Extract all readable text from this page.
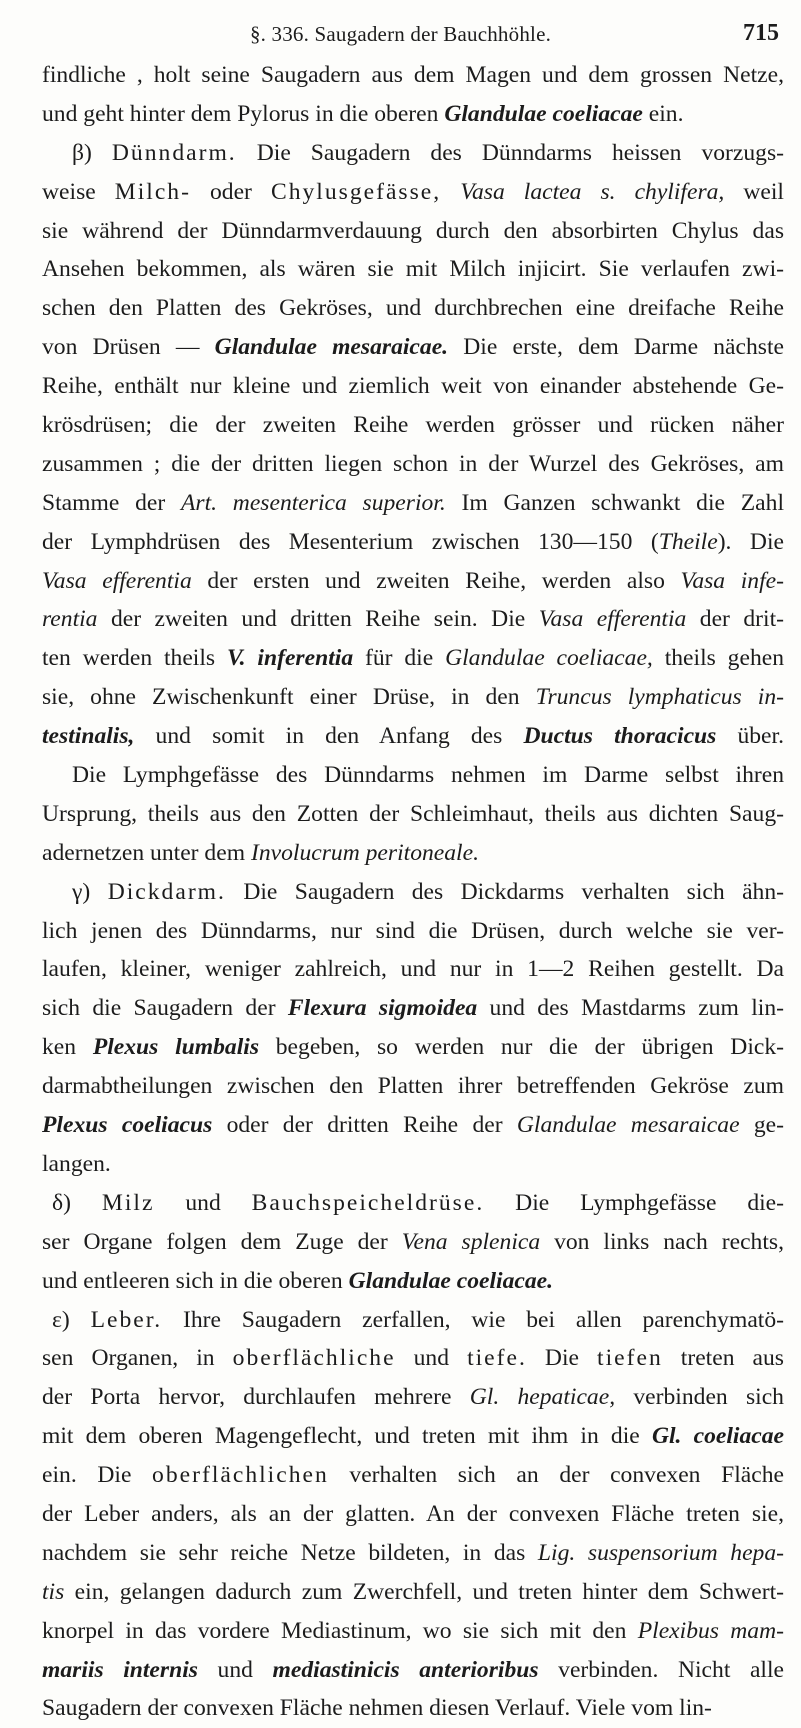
§. 336. Saugadern der Bauchhöhle.	715
findliche , holt seine Saugadern aus dem Magen und dem grossen Netze,
und geht hinter dem Pylorus in die oberen Glandulae coeliacae ein.
β) Dünndarm. Die Saugadern des Dünndarms heissen vorzugs-
weise Milch- oder Chylusgefässe, Vasa lactea s. chylifera, weil
sie während der Dünndarmverdauung durch den absorbirten Chylus das
Ansehen bekommen, als wären sie mit Milch injicirt. Sie verlaufen zwi-
schen den Platten des Gekröses, und durchbrechen eine dreifache Reihe
von Drüsen — Glandulae mesaraicae. Die erste, dem Darme nächste
Reihe, enthält nur kleine und ziemlich weit von einander abstehende Ge-
krösdrüsen; die der zweiten Reihe werden grösser und rücken näher
zusammen ; die der dritten liegen schon in der Wurzel des Gekröses, am
Stamme der Art. mesenterica superior. Im Ganzen schwankt die Zahl
der Lymphdrüsen des Mesenterium zwischen 130—150 (Theile). Die
Vasa efferentia der ersten und zweiten Reihe, werden also Vasa infe-
rentia der zweiten und dritten Reihe sein. Die Vasa efferentia der drit-
ten werden theils V. inferentia für die Glandulae coeliacae, theils gehen
sie, ohne Zwischenkunft einer Drüse, in den Truncus lymphaticus in-
testinalis, und somit in den Anfang des Ductus thoracicus über.
Die Lymphgefässe des Dünndarms nehmen im Darme selbst ihren
Ursprung, theils aus den Zotten der Schleimhaut, theils aus dichten Saug-
adernetzen unter dem Involucrum peritoneale.
γ) Dickdarm. Die Saugadern des Dickdarms verhalten sich ähn-
lich jenen des Dünndarms, nur sind die Drüsen, durch welche sie ver-
laufen, kleiner, weniger zahlreich, und nur in 1—2 Reihen gestellt. Da
sich die Saugadern der Flexura sigmoidea und des Mastdarms zum lin-
ken Plexus lumbalis begeben, so werden nur die der übrigen Dick-
darmabtheilungen zwischen den Platten ihrer betreffenden Gekröse zum
Plexus coeliacus oder der dritten Reihe der Glandulae mesaraicae ge-
langen.
δ) Milz und Bauchspeicheldrüse. Die Lymphgefässe die-
ser Organe folgen dem Zuge der Vena splenica von links nach rechts,
und entleeren sich in die oberen Glandulae coeliacae.
ε) Leber. Ihre Saugadern zerfallen, wie bei allen parenchymatö-
sen Organen, in oberflächliche und tiefe. Die tiefen treten aus
der Porta hervor, durchlaufen mehrere Gl. hepaticae, verbinden sich
mit dem oberen Magengeflecht, und treten mit ihm in die Gl. coeliacae
ein. Die oberflächlichen verhalten sich an der convexen Fläche
der Leber anders, als an der glatten. An der convexen Fläche treten sie,
nachdem sie sehr reiche Netze bildeten, in das Lig. suspensorium hepa-
tis ein, gelangen dadurch zum Zwerchfell, und treten hinter dem Schwert-
knorpel in das vordere Mediastinum, wo sie sich mit den Plexibus mam-
mariis internis und mediastinicis anterioribus verbinden. Nicht alle
Saugadern der convexen Fläche nehmen diesen Verlauf. Viele vom lin-
